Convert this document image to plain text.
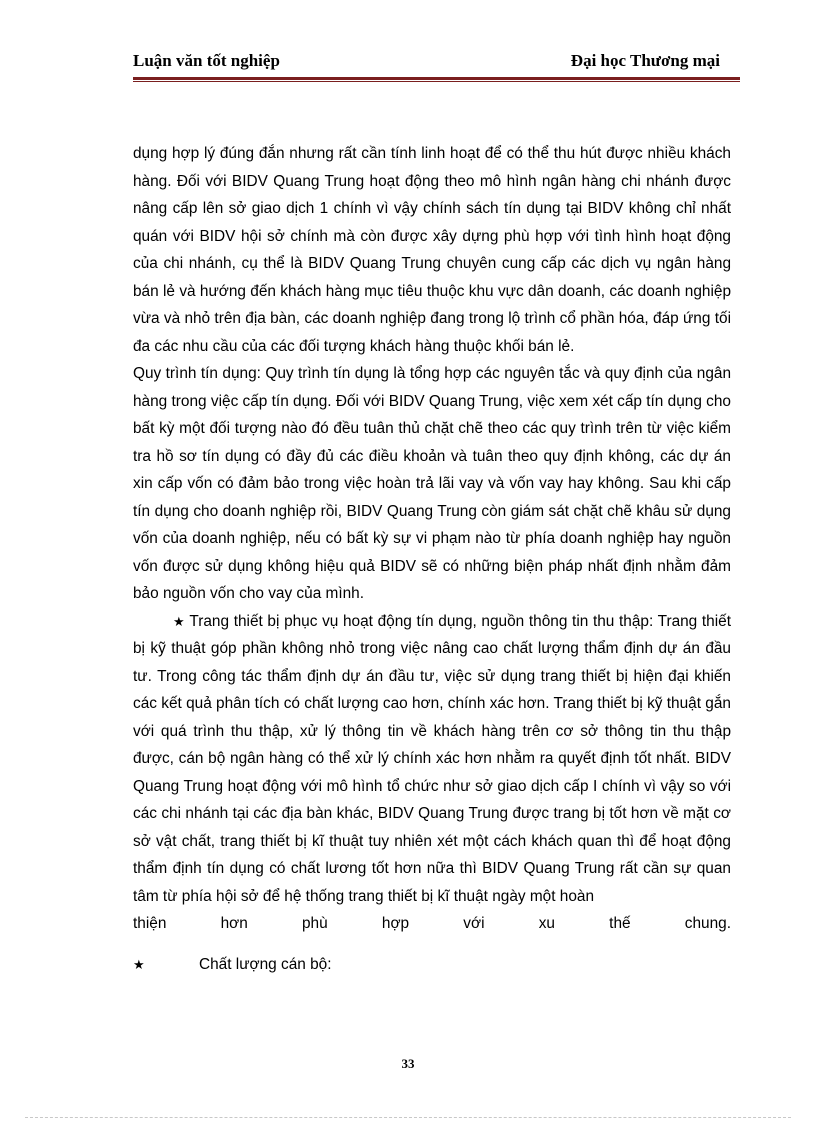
Luận văn tốt nghiệp	Đại học Thương mại

dụng hợp lý đúng đắn nhưng rất cần tính linh hoạt để có thể thu hút được nhiều khách hàng. Đối với BIDV Quang Trung hoạt động theo mô hình ngân hàng chi nhánh được nâng cấp lên sở giao dịch 1 chính vì vậy chính sách tín dụng tại BIDV không chỉ nhất quán với BIDV hội sở chính mà còn được xây dựng phù hợp với tình hình hoạt động của chi nhánh, cụ thể là BIDV Quang Trung chuyên cung cấp các dịch vụ ngân hàng bán lẻ và hướng đến khách hàng mục tiêu thuộc khu vực dân doanh, các doanh nghiệp vừa và nhỏ trên địa bàn, các doanh nghiệp đang trong lộ trình cổ phần hóa, đáp ứng tối đa các nhu cầu của các đối tượng khách hàng thuộc khối bán lẻ.

Quy trình tín dụng: Quy trình tín dụng là tổng hợp các nguyên tắc và quy định của ngân hàng trong việc cấp tín dụng. Đối với BIDV Quang Trung, việc xem xét cấp tín dụng cho bất kỳ một đối tượng nào đó đều tuân thủ chặt chẽ theo các quy trình trên từ việc kiểm tra hồ sơ tín dụng có đầy đủ các điều khoản và tuân theo quy định không, các dự án xin cấp vốn có đảm bảo trong việc hoàn trả lãi vay và vốn vay hay không. Sau khi cấp tín dụng cho doanh nghiệp rồi, BIDV Quang Trung còn giám sát chặt chẽ khâu sử dụng vốn của doanh nghiệp, nếu có bất kỳ sự vi phạm nào từ phía doanh nghiệp hay nguồn vốn được sử dụng không hiệu quả BIDV sẽ có những biện pháp nhất định nhằm đảm bảo nguồn vốn cho vay của mình.

★ Trang thiết bị phục vụ hoạt động tín dụng, nguồn thông tin thu thập: Trang thiết bị kỹ thuật góp phần không nhỏ trong việc nâng cao chất lượng thẩm định dự án đầu tư. Trong công tác thẩm định dự án đầu tư, việc sử dụng trang thiết bị hiện đại khiến các kết quả phân tích có chất lượng cao hơn, chính xác hơn. Trang thiết bị kỹ thuật gắn với quá trình thu thập, xử lý thông tin về khách hàng trên cơ sở thông tin thu thập được, cán bộ ngân hàng có thể xử lý chính xác hơn nhằm ra quyết định tốt nhất. BIDV Quang Trung hoạt động với mô hình tổ chức như sở giao dịch cấp I chính vì vậy so với các chi nhánh tại các địa bàn khác, BIDV Quang Trung được trang bị tốt hơn về mặt cơ sở vật chất, trang thiết bị kĩ thuật tuy nhiên xét một cách khách quan thì để hoạt động thẩm định tín dụng có chất lương tốt hơn nữa thì BIDV Quang Trung rất cần sự quan tâm từ phía hội sở để hệ thống trang thiết bị kĩ thuật ngày một hoàn

thiện hơn phù hợp với xu thế chung.

★	Chất lượng cán bộ:

33
